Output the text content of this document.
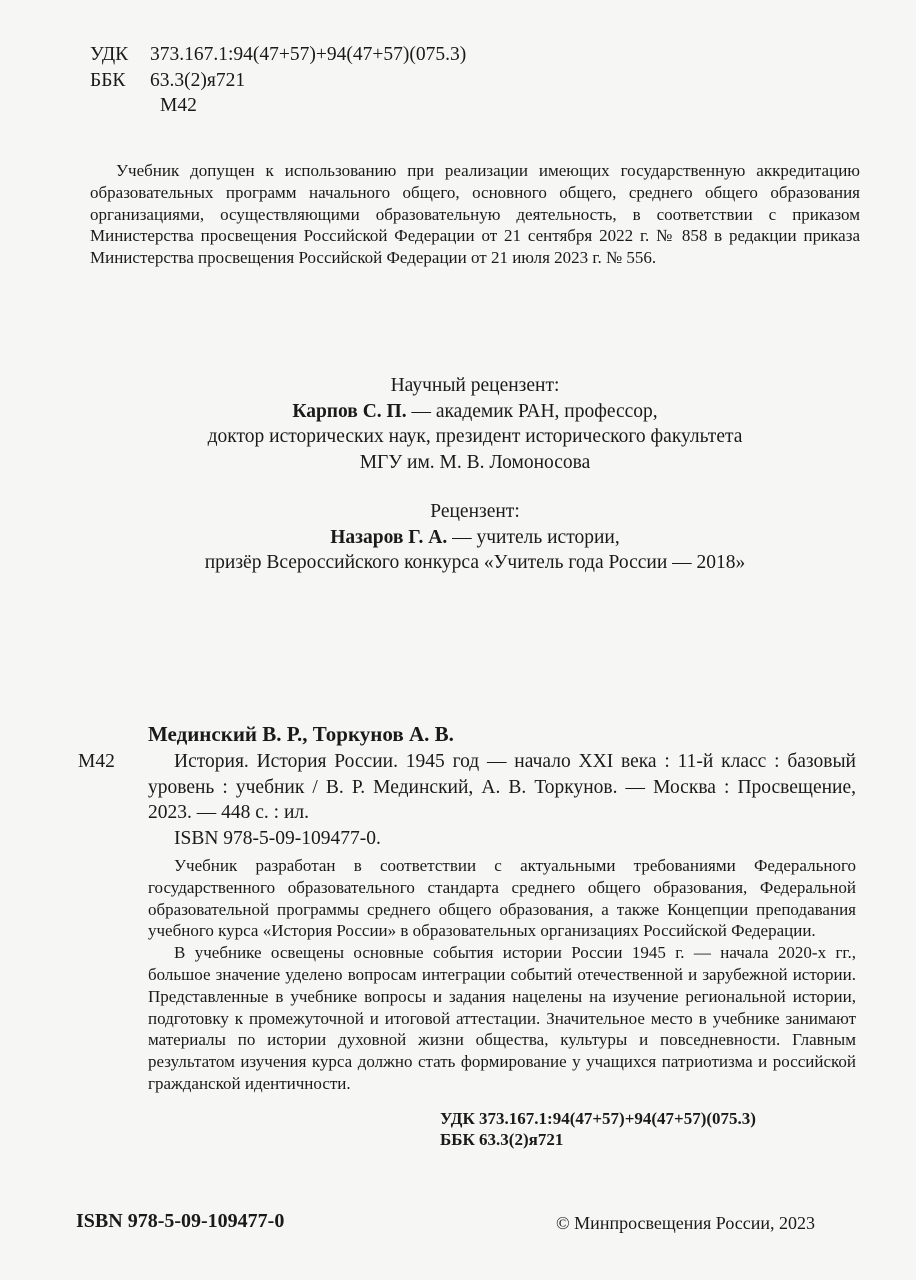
УДК 373.167.1:94(47+57)+94(47+57)(075.3)
ББК 63.3(2)я721
М42
Учебник допущен к использованию при реализации имеющих государственную аккредитацию образовательных программ начального общего, основного общего, среднего общего образования организациями, осуществляющими образовательную деятельность, в соответствии с приказом Министерства просвещения Российской Федерации от 21 сентября 2022 г. № 858 в редакции приказа Министерства просвещения Российской Федерации от 21 июля 2023 г. № 556.
Научный рецензент:
Карпов С. П. — академик РАН, профессор,
доктор исторических наук, президент исторического факультета
МГУ им. М. В. Ломоносова
Рецензент:
Назаров Г. А. — учитель истории,
призёр Всероссийского конкурса «Учитель года России — 2018»
Мединский В. Р., Торкунов А. В.
М42	История. История России. 1945 год — начало XXI века : 11-й класс : базовый уровень : учебник / В. Р. Мединский, А. В. Торкунов. — Москва : Просвещение, 2023. — 448 с. : ил.
ISBN 978-5-09-109477-0.
Учебник разработан в соответствии с актуальными требованиями Федерального государственного образовательного стандарта среднего общего образования, Федеральной образовательной программы среднего общего образования, а также Концепции преподавания учебного курса «История России» в образовательных организациях Российской Федерации.
В учебнике освещены основные события истории России 1945 г. — начала 2020-х гг., большое значение уделено вопросам интеграции событий отечественной и зарубежной истории. Представленные в учебнике вопросы и задания нацелены на изучение региональной истории, подготовку к промежуточной и итоговой аттестации. Значительное место в учебнике занимают материалы по истории духовной жизни общества, культуры и повседневности. Главным результатом изучения курса должно стать формирование у учащихся патриотизма и российской гражданской идентичности.
УДК 373.167.1:94(47+57)+94(47+57)(075.3)
ББК 63.3(2)я721
ISBN 978-5-09-109477-0	© Минпросвещения России, 2023
